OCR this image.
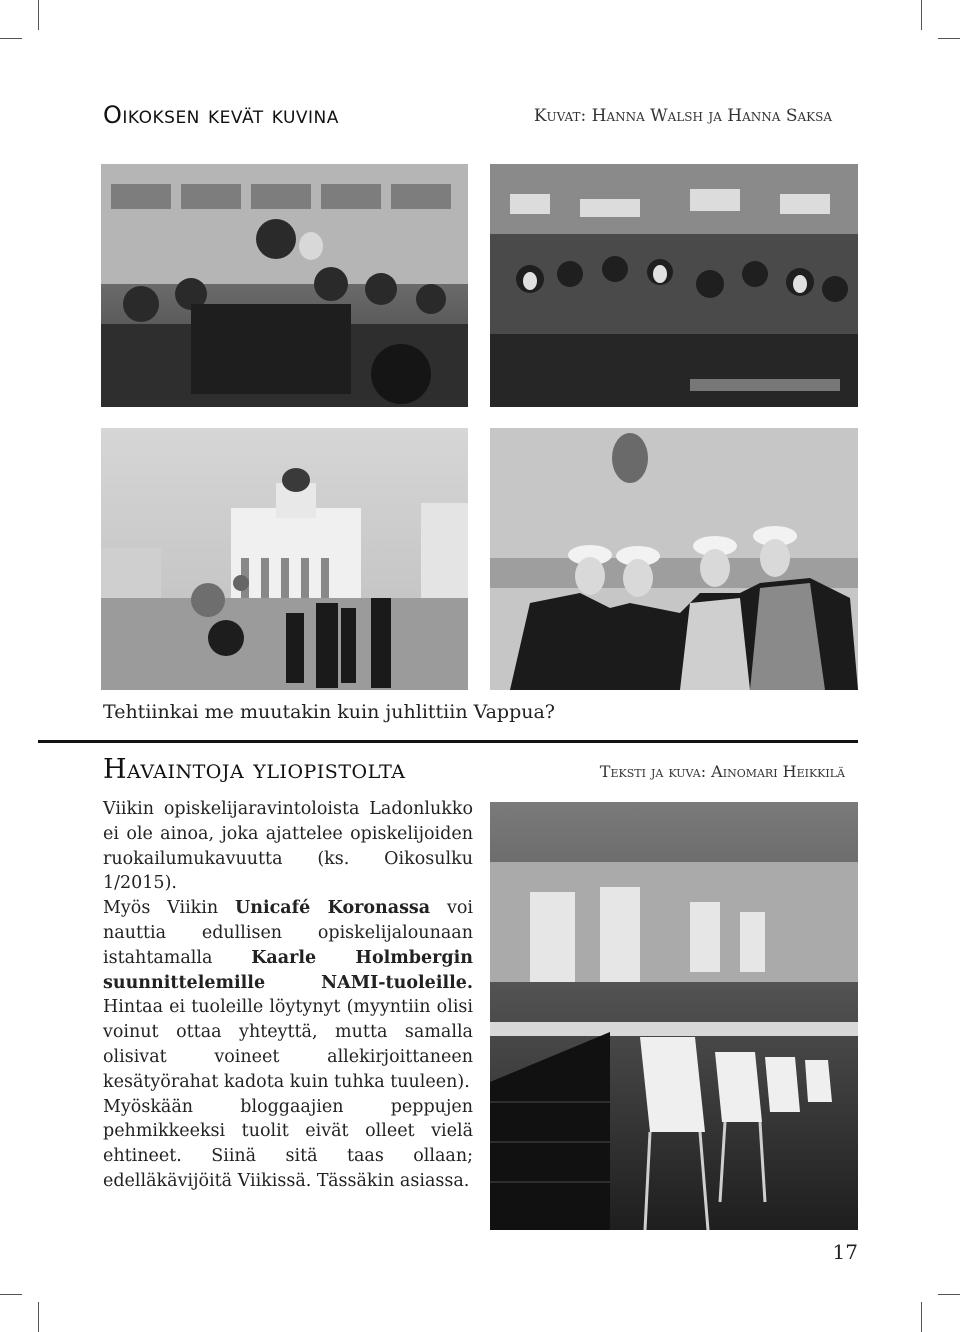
Oikoksen kevät kuvina	Kuvat: Hanna Walsh ja Hanna Saksa
Tehtiinkai me muutakin kuin juhlittiin Vappua?
Havaintoja yliopistolta	Teksti ja kuva: Ainomari Heikkilä

Viikin opiskelijaravintoloista Ladonlukko ei ole ainoa, joka ajattelee opiskelijoiden ruokailumukavuutta (ks. Oikosulku 1/2015).

Myös Viikin Unicafé Koronassa voi nauttia edullisen opiskelijalounaan istahtamalla Kaarle Holmbergin suunnittelemille NAMI-tuoleille. Hintaa ei tuoleille löytynyt (myyntiin olisi voinut ottaa yhteyttä, mutta samalla olisivat voineet allekirjoittaneen kesätyörahat kadota kuin tuhka tuuleen).

Myöskään bloggaajien peppujen pehmikkeeksi tuolit eivät olleet vielä ehtineet. Siinä sitä taas ollaan; edelläkävijöitä Viikissä. Tässäkin asiassa.

17
